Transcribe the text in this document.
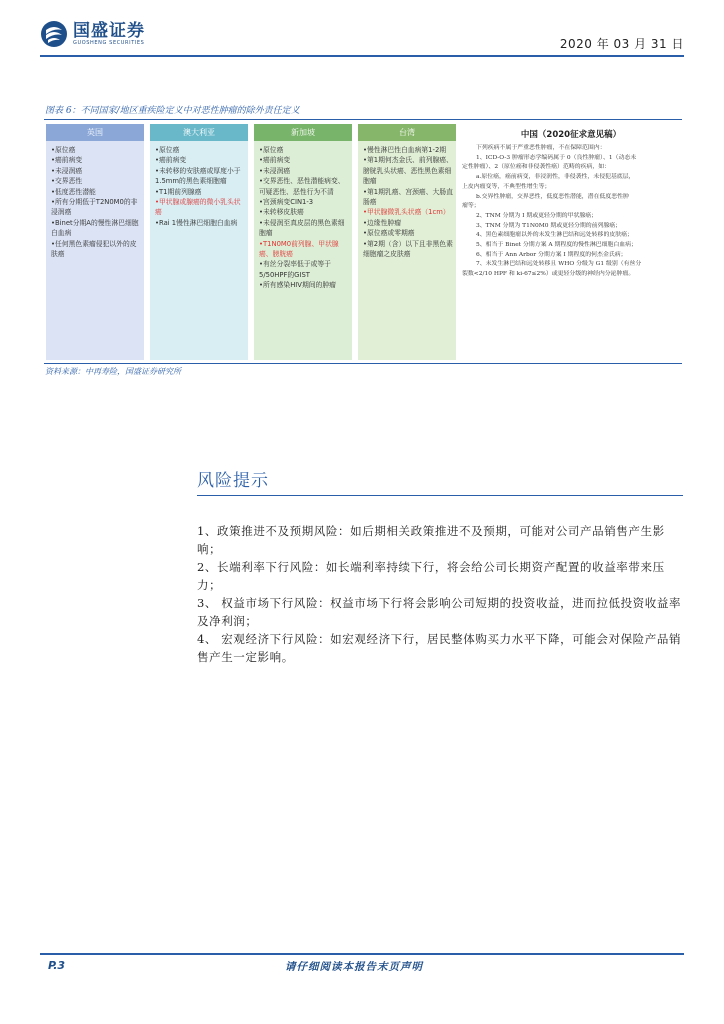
国盛证券
GUOSHENG SECURITIES	2020 年 03 月 31 日
图表 6：不同国家/地区重疾险定义中对恶性肿瘤的除外责任定义
英国
•原位癌
•癌前病变
•未浸润癌
•交界恶性
•低度恶性潜能
•所有分期低于T2N0M0的非浸润癌
•Binet分期A的慢性淋巴细胞白血病
•任何黑色素瘤侵犯以外的皮肤癌
澳大利亚
•原位癌
•癌前病变
•未转移的安肤癌或厚度小于1.5mm的黑色素细胞瘤
•T1期前列腺癌
•甲状腺或腺癌的微小乳头状癌
•Rai 1慢性淋巴细胞白血病
新加坡
•原位癌
•癌前病变
•未浸润癌
•交界恶性、恶性潜能病变、可疑恶性、恶性行为不清
•宫颈病变CIN1-3
•未转移皮肤癌
•未侵润至真皮层的黑色素细胞瘤
•T1N0M0前列腺、甲状腺癌、膀胱癌
•有丝分裂率低于或等于5/50HPF的GIST
•所有感染HIV期间的肿瘤
台湾
•慢性淋巴性白血病第1-2期
•第1期何杰金氏、前列腺癌、膀胱乳头状癌、恶性黑色素细胞瘤
•第1期乳癌、宫颈癌、大肠直肠癌
•甲状腺微乳头状癌（1cm）
•边缘性肿瘤
•原位癌或零期癌
•第2期（含）以下且非黑色素细胞瘤之皮肤癌
中国（2020征求意见稿）
下列疾病不属于严重恶性肿瘤，不在保障范围内：
1、ICD-O-3 肿瘤形态学编码属于 0（良性肿瘤）、1（动态未
定性肿瘤）、2（原位癌和非侵袭性癌）范畴的疾病，如：
a.原位癌，癌前病变，非浸润性，非侵袭性，未侵犯基底层，
上皮内瘤变等，不典型性增生等；
b.交界性肿瘤，交界恶性，低度恶性潜能，潜在低度恶性肿
瘤等；
2、TNM 分期为 I 期或更轻分期的甲状腺癌；
3、TNM 分期为 T1N0M0 期或更轻分期的前列腺癌；
4、黑色素细胞瘤以外的未发生淋巴结和远处转移的皮肤癌；
5、相当于 Binet 分期方案 A 期程度的慢性淋巴细胞白血病；
6、相当于 Ann Arbor 分期方案 I 期程度的何杰金氏病；
7、未发生淋巴结和远处转移且 WHO 分级为 G1 级别（有丝分
裂数<2/10 HPF 和 ki-67≤2%）或更轻分级的神经内分泌肿瘤。
资料来源：中再寿险，国盛证券研究所
风险提示

1、政策推进不及预期风险：如后期相关政策推进不及预期，可能对公司产品销售产生影响；

2、长端利率下行风险：如长端利率持续下行，将会给公司长期资产配置的收益率带来压力；

3、 权益市场下行风险：权益市场下行将会影响公司短期的投资收益，进而拉低投资收益率及净利润；

4、 宏观经济下行风险：如宏观经济下行，居民整体购买力水平下降，可能会对保险产品销售产生一定影响。

P.3	请仔细阅读本报告末页声明
